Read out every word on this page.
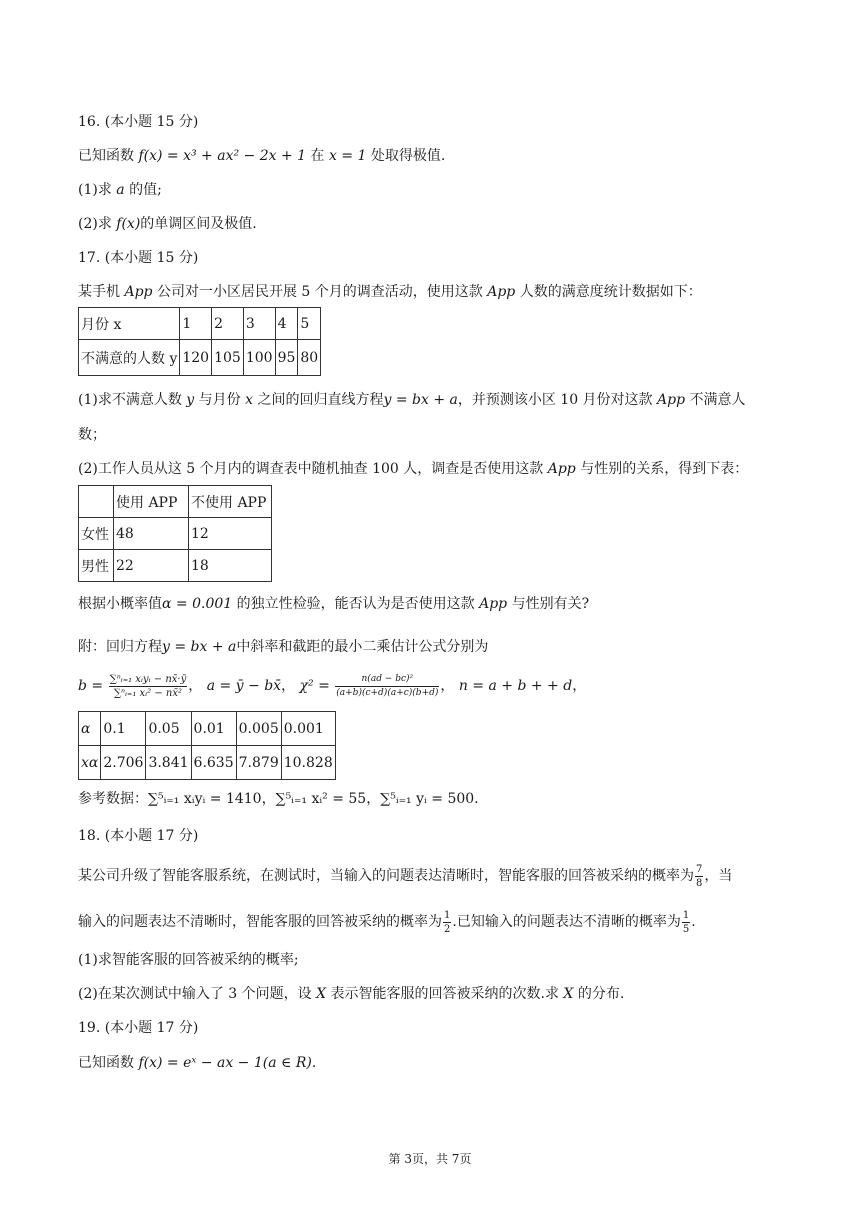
16. (本小题 15 分)
已知函数 f(x) = x³ + ax² − 2x + 1 在 x = 1 处取得极值.
(1)求 a 的值;
(2)求 f(x)的单调区间及极值.
17. (本小题 15 分)
某手机 App 公司对一小区居民开展 5 个月的调查活动，使用这款 App 人数的满意度统计数据如下：
月份 x	1	2	3	4	5
不满意的人数 y	120	105	100	95	80
(1)求不满意人数 y 与月份 x 之间的回归直线方程y = bx + a，并预测该小区 10 月份对这款 App 不满意人
数；
(2)工作人员从这 5 个月内的调查表中随机抽查 100 人，调查是否使用这款 App 与性别的关系，得到下表：
	使用 APP	不使用 APP
女性	48	12
男性	22	18
根据小概率值α = 0.001 的独立性检验，能否认为是否使用这款 App 与性别有关?
附：回归方程y = bx + a中斜率和截距的最小二乘估计公式分别为
$b = \frac{\text{∑ⁿᵢ₌₁ xᵢyᵢ − nx̄·ȳ}}{\text{∑ⁿᵢ₌₁ xᵢ² − nx̄²}}$ ， a = ȳ − bx̄， $\chi^2 = \frac{\text{n(ad − bc)²}}{(a+b)(c+d)(a+c)(b+d)}$ ， n = a + b + + d，
α	0.1	0.05	0.01	0.005	0.001
xα	2.706	3.841	6.635	7.879	10.828
参考数据：∑⁵ᵢ₌₁ xᵢyᵢ = 1410，∑⁵ᵢ₌₁ xᵢ² = 55，∑⁵ᵢ₌₁ yᵢ = 500.
18. (本小题 17 分)
某公司升级了智能客服系统，在测试时，当输入的问题表达清晰时，智能客服的回答被采纳的概率为 $\frac{7}{8}$ ，当
输入的问题表达不清晰时，智能客服的回答被采纳的概率为 $\frac{1}{2}$ .已知输入的问题表达不清晰的概率为 $\frac{1}{5}$ .
(1)求智能客服的回答被采纳的概率;
(2)在某次测试中输入了 3 个问题，设 X 表示智能客服的回答被采纳的次数.求 X 的分布.
19. (本小题 17 分)
已知函数 f(x) = eˣ − ax − 1(a ∈ R).
第 3页，共 7页
